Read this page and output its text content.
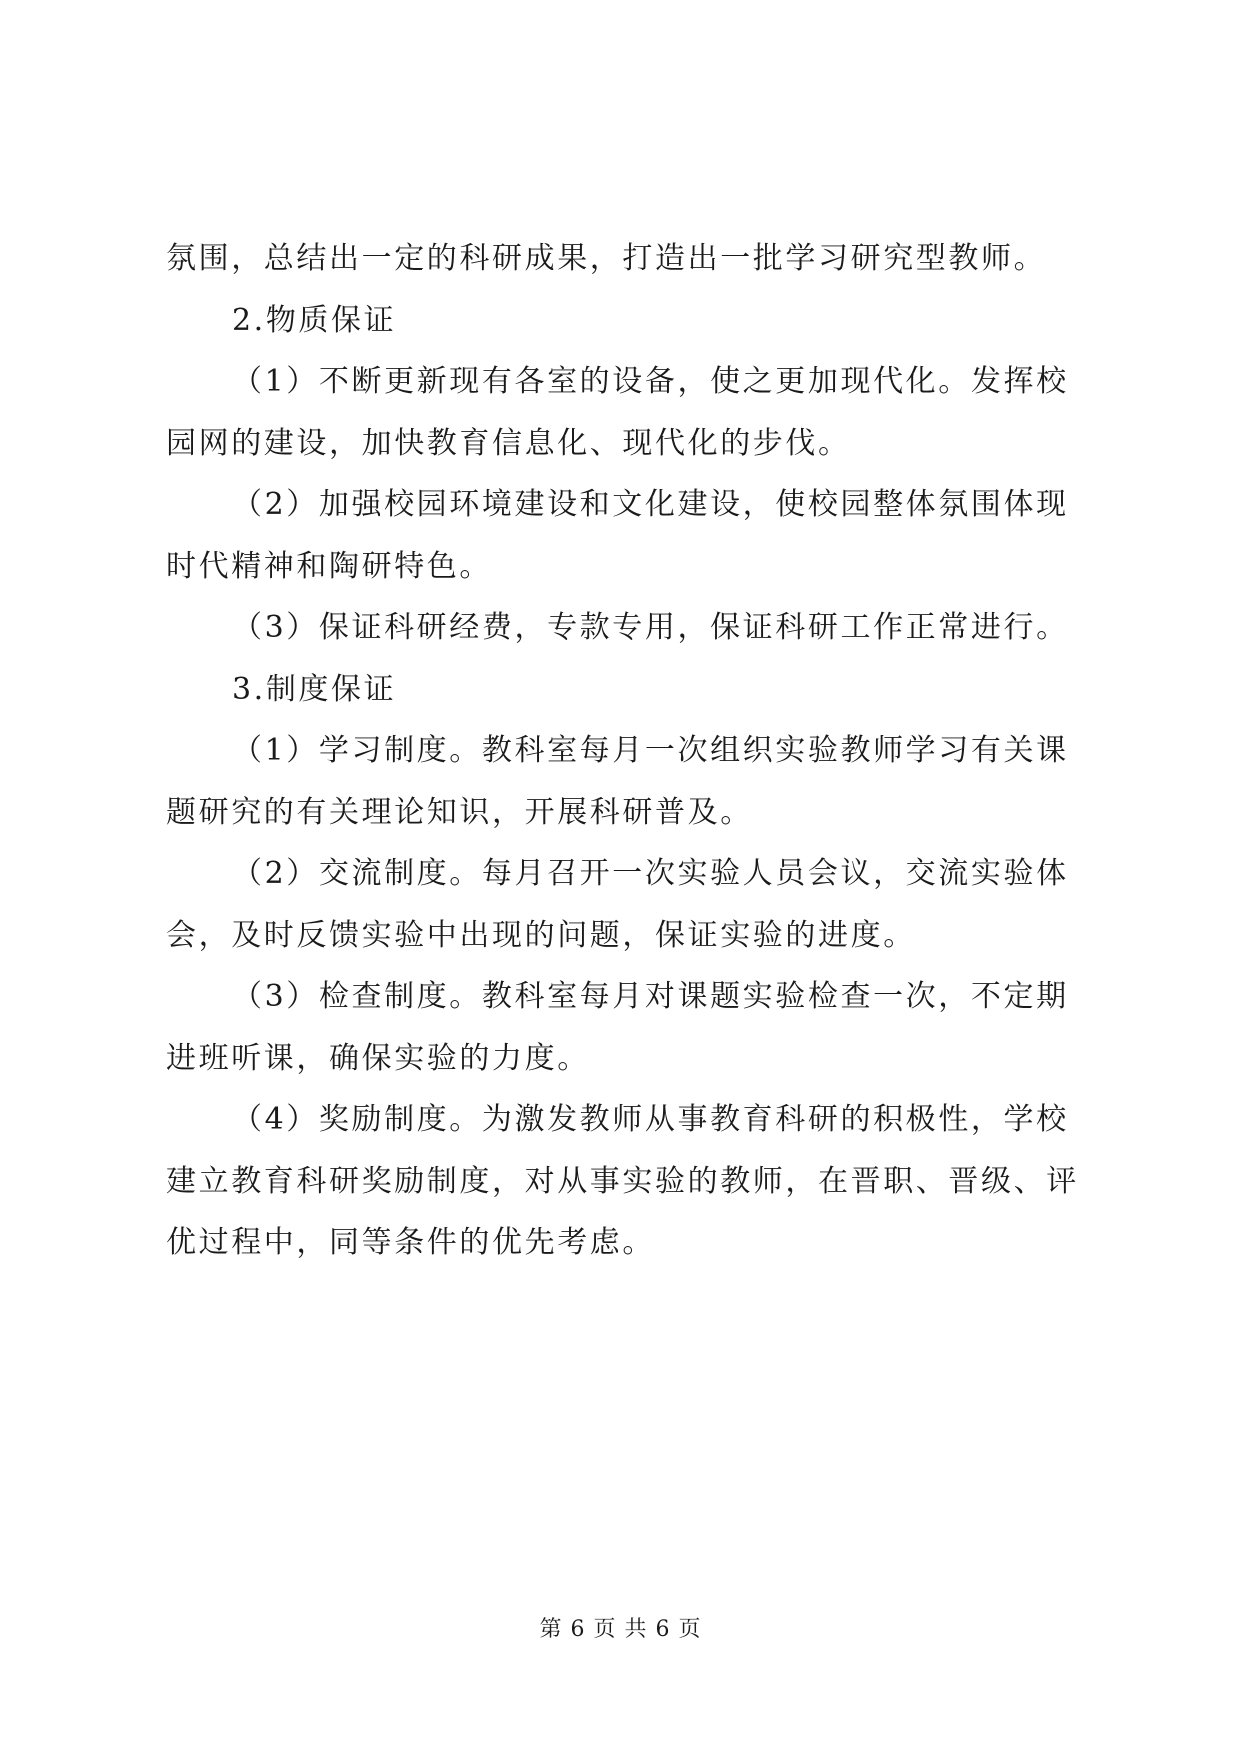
氛围，总结出一定的科研成果，打造出一批学习研究型教师。
2.物质保证
（1）不断更新现有各室的设备，使之更加现代化。发挥校
园网的建设，加快教育信息化、现代化的步伐。
（2）加强校园环境建设和文化建设，使校园整体氛围体现
时代精神和陶研特色。
（3）保证科研经费，专款专用，保证科研工作正常进行。
3.制度保证
（1）学习制度。教科室每月一次组织实验教师学习有关课
题研究的有关理论知识，开展科研普及。
（2）交流制度。每月召开一次实验人员会议，交流实验体
会，及时反馈实验中出现的问题，保证实验的进度。
（3）检查制度。教科室每月对课题实验检查一次，不定期
进班听课，确保实验的力度。
（4）奖励制度。为激发教师从事教育科研的积极性，学校
建立教育科研奖励制度，对从事实验的教师，在晋职、晋级、评
优过程中，同等条件的优先考虑。
第 6 页 共 6 页
